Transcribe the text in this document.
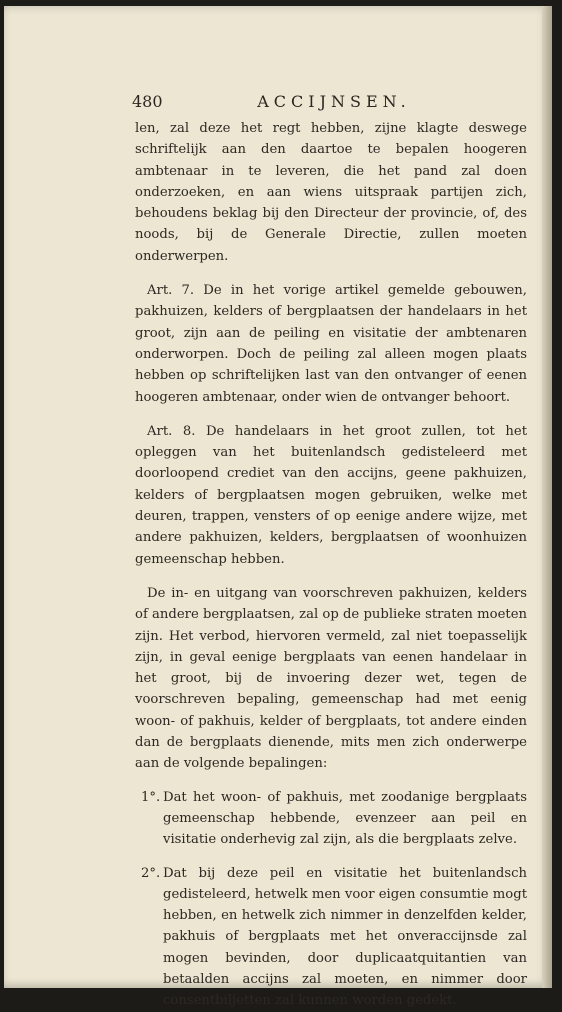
480	ACCIJNSEN.

len, zal deze het regt hebben, zijne klagte deswege schriftelijk aan den daartoe te bepalen hoogeren ambtenaar in te leveren, die het pand zal doen onderzoeken, en aan wiens uitspraak partijen zich, behoudens beklag bij den Directeur der provincie, of, des noods, bij de Generale Directie, zullen moeten onderwerpen.

Art. 7. De in het vorige artikel gemelde gebouwen, pakhuizen, kelders of bergplaatsen der handelaars in het groot, zijn aan de peiling en visitatie der ambtenaren onderworpen. Doch de peiling zal alleen mogen plaats hebben op schriftelijken last van den ontvanger of eenen hoogeren ambtenaar, onder wien de ontvanger behoort.

Art. 8. De handelaars in het groot zullen, tot het opleggen van het buitenlandsch gedisteleerd met doorloopend crediet van den accijns, geene pakhuizen, kelders of bergplaatsen mogen gebruiken, welke met deuren, trappen, vensters of op eenige andere wijze, met andere pakhuizen, kelders, bergplaatsen of woonhuizen gemeenschap hebben.

De in- en uitgang van voorschreven pakhuizen, kelders of andere bergplaatsen, zal op de publieke straten moeten zijn. Het verbod, hiervoren vermeld, zal niet toepasselijk zijn, in geval eenige bergplaats van eenen handelaar in het groot, bij de invoering dezer wet, tegen de voorschreven bepaling, gemeenschap had met eenig woon- of pakhuis, kelder of bergplaats, tot andere einden dan de bergplaats dienende, mits men zich onderwerpe aan de volgende bepalingen:

1°. Dat het woon- of pakhuis, met zoodanige bergplaats gemeenschap hebbende, evenzeer aan peil en visitatie onderhevig zal zijn, als die bergplaats zelve.
2°. Dat bij deze peil en visitatie het buitenlandsch gedisteleerd, hetwelk men voor eigen consumtie mogt hebben, en hetwelk zich nimmer in denzelfden kelder, pakhuis of bergplaats met het onveraccijnsde zal mogen bevinden, door duplicaatquitantien van betaalden accijns zal moeten, en nimmer door consentbiljetten zal kunnen worden gedekt.
